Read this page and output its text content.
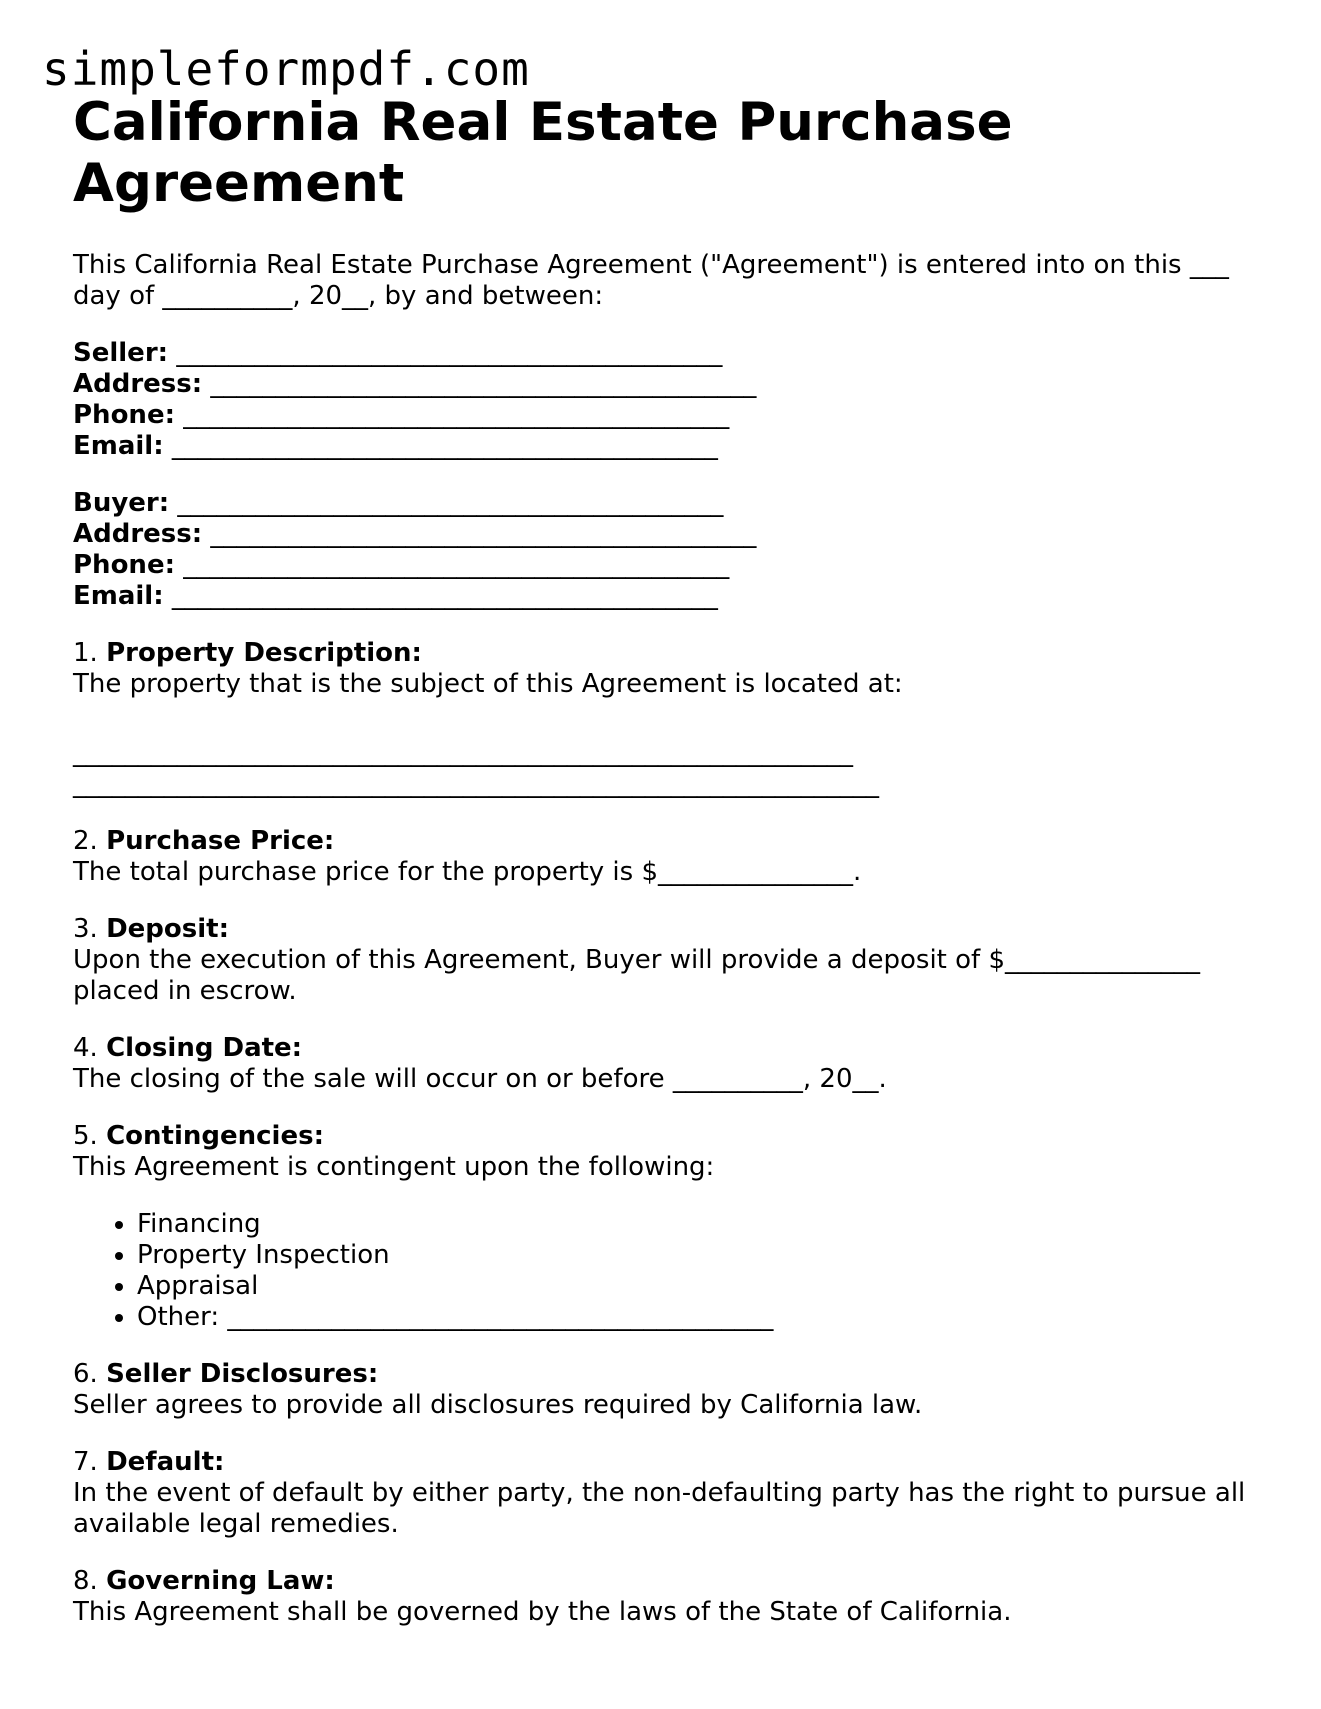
simpleformpdf.com
California Real Estate Purchase Agreement

This California Real Estate Purchase Agreement ("Agreement") is entered into on this ___ day of __________, 20__, by and between:

Seller: __________________________________________
Address: __________________________________________
Phone: __________________________________________
Email: __________________________________________
Buyer: __________________________________________
Address: __________________________________________
Phone: __________________________________________
Email: __________________________________________
1. Property Description:
The property that is the subject of this Agreement is located at:
____________________________________________________________
______________________________________________________________
2. Purchase Price:
The total purchase price for the property is $_______________.
3. Deposit:
Upon the execution of this Agreement, Buyer will provide a deposit of $_______________ placed in escrow.
4. Closing Date:
The closing of the sale will occur on or before __________, 20__.
5. Contingencies:
This Agreement is contingent upon the following:
• Financing
• Property Inspection
• Appraisal
• Other: __________________________________________
6. Seller Disclosures:
Seller agrees to provide all disclosures required by California law.
7. Default:
In the event of default by either party, the non-defaulting party has the right to pursue all available legal remedies.
8. Governing Law:
This Agreement shall be governed by the laws of the State of California.
